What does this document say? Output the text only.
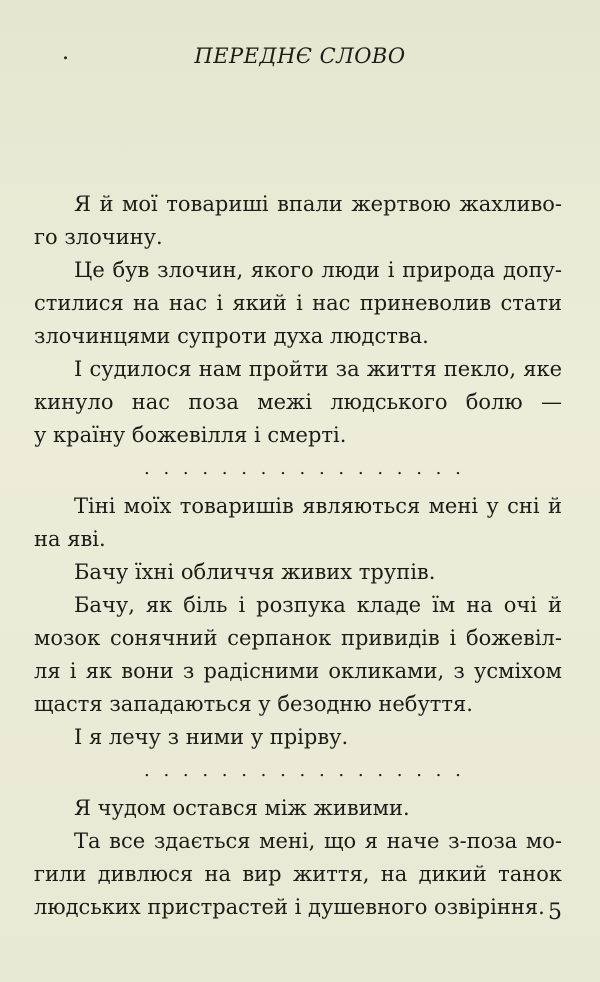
.	ПЕРЕДНЄ СЛОВО
Я й мої товариші впали жертвою жахливо-
го злочину.
Це був злочин, якого люди і природа допу-
стилися на нас і який і нас приневолив стати
злочинцями супроти духа людства.
І судилося нам пройти за життя пекло, яке
кинуло нас поза межі людського болю —
у країну божевілля і смерті.
. . . . . . . . . . . . . . . . .
Тіні моїх товаришів являються мені у сні й
на яві.
Бачу їхні обличчя живих трупів.
Бачу, як біль і розпука кладе їм на очі й
мозок сонячний серпанок привидів і божевіл-
ля і як вони з радісними окликами, з усміхом
щастя западаються у безодню небуття.
І я лечу з ними у прірву.
. . . . . . . . . . . . . . . . .
Я чудом остався між живими.
Та все здається мені, що я наче з-поза мо-
гили дивлюся на вир життя, на дикий танок
людських пристрастей і душевного озвіріння. 5
